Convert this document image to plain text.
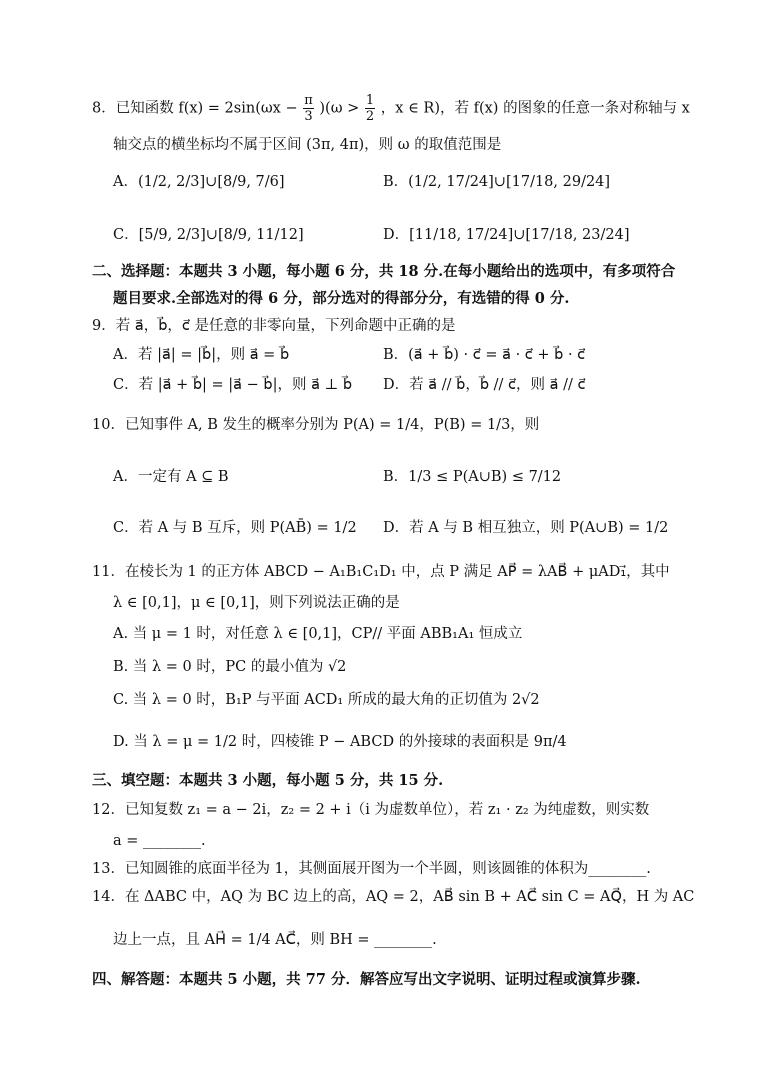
8．已知函数 $f(x) = 2\sin(\omega x - \frac{\pi}{3} )(\omega > \frac{1}{2}$ ，x ∈ R)，若 f(x) 的图象的任意一条对称轴与 x
轴交点的横坐标均不属于区间 (3π, 4π)，则 ω 的取值范围是
A．(1/2, 2/3]∪[8/9, 7/6]	B．(1/2, 17/24]∪[17/18, 29/24]
C．[5/9, 2/3]∪[8/9, 11/12]	D．[11/18, 17/24]∪[17/18, 23/24]
二、选择题：本题共 3 小题，每小题 6 分，共 18 分.在每小题给出的选项中，有多项符合
题目要求.全部选对的得 6 分，部分选对的得部分分，有选错的得 0 分.
9．若 a⃗，b⃗，c⃗ 是任意的非零向量，下列命题中正确的是
A．若 |a⃗| = |b⃗|，则 a⃗ = b⃗	B．(a⃗ + b⃗) · c⃗ = a⃗ · c⃗ + b⃗ · c⃗
C．若 |a⃗ + b⃗| = |a⃗ − b⃗|，则 a⃗ ⊥ b⃗ D．若 a⃗ // b⃗，b⃗ // c⃗，则 a⃗ // c⃗
10．已知事件 A, B 发生的概率分别为 P(A) = 1/4，P(B) = 1/3，则
A．一定有 A ⊆ B	B．1/3 ≤ P(A∪B) ≤ 7/12
C．若 A 与 B 互斥，则 P(AB̄) = 1/2 D．若 A 与 B 相互独立，则 P(A∪B) = 1/2
11．在棱长为 1 的正方体 ABCD − A₁B₁C₁D₁ 中，点 P 满足 AP⃗ = λAB⃗ + μAD₁⃗，其中
λ ∈ [0,1]，μ ∈ [0,1]，则下列说法正确的是
A. 当 μ = 1 时，对任意 λ ∈ [0,1]，CP// 平面 ABB₁A₁ 恒成立
B. 当 λ = 0 时，PC 的最小值为 √2
C. 当 λ = 0 时，B₁P 与平面 ACD₁ 所成的最大角的正切值为 2√2
D. 当 λ = μ = 1/2 时，四棱锥 P − ABCD 的外接球的表面积是 9π/4
三、填空题：本题共 3 小题，每小题 5 分，共 15 分.
12．已知复数 z₁ = a − 2i，z₂ = 2 + i（i 为虚数单位），若 z₁ · z₂ 为纯虚数，则实数
a = ________.
13．已知圆锥的底面半径为 1，其侧面展开图为一个半圆，则该圆锥的体积为________.
14．在 ΔABC 中，AQ 为 BC 边上的高，AQ = 2，AB⃗ sin B + AC⃗ sin C = AQ⃗，H 为 AC
边上一点，且 AH⃗ = 1/4 AC⃗，则 BH = ________.
四、解答题：本题共 5 小题，共 77 分．解答应写出文字说明、证明过程或演算步骤.
